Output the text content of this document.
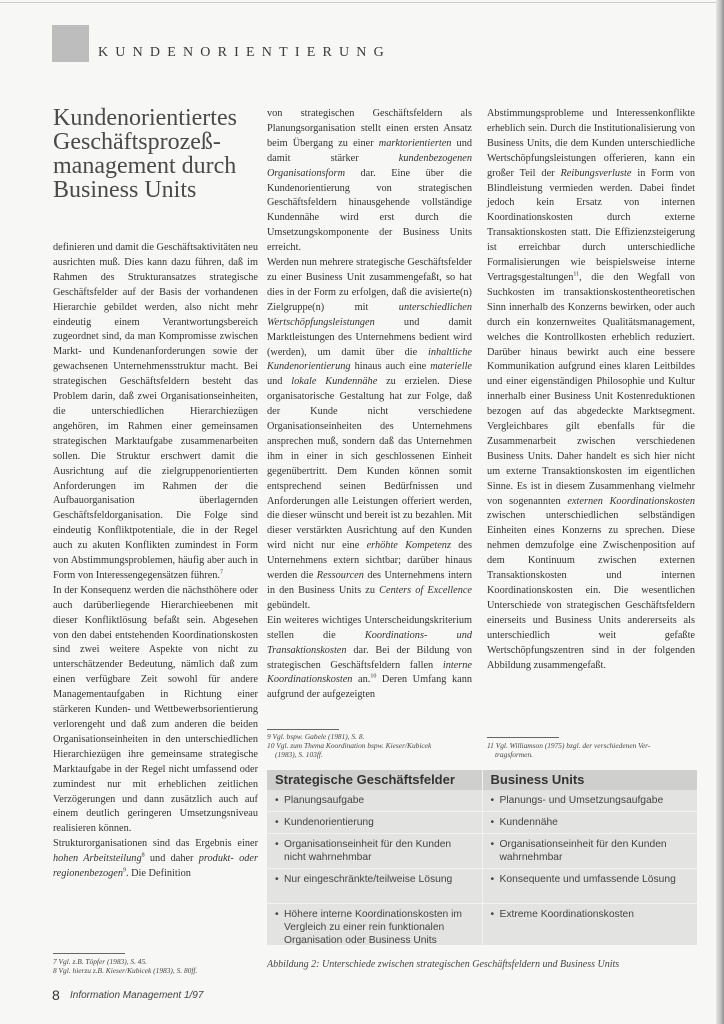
KUNDENORIENTIERUNG
Kundenorientiertes
Geschäftsprozeß-
management durch
Business Units

definieren und damit die Geschäftsaktivitäten neu ausrichten muß. Dies kann dazu führen, daß im Rahmen des Strukturansatzes strategische Geschäftsfelder auf der Basis der vorhandenen Hierarchie gebildet werden, also nicht mehr eindeutig einem Verantwortungsbereich zugeordnet sind, da man Kompromisse zwischen Markt- und Kundenanforderungen sowie der gewachsenen Unternehmensstruktur macht. Bei strategischen Geschäftsfeldern besteht das Problem darin, daß zwei Organisationseinheiten, die unterschiedlichen Hierarchiezügen angehören, im Rahmen einer gemeinsamen strategischen Marktaufgabe zusammenarbeiten sollen. Die Struktur erschwert damit die Ausrichtung auf die zielgruppenorientierten Anforderungen im Rahmen der die Aufbauorganisation überlagernden Geschäftsfeldorganisation. Die Folge sind eindeutig Konfliktpotentiale, die in der Regel auch zu akuten Konflikten zumindest in Form von Abstimmungsproblemen, häufig aber auch in Form von Interessengegensätzen führen.$^7$

In der Konsequenz werden die nächsthöhere oder auch darüberliegende Hierarchieebenen mit dieser Konfliktlösung befaßt sein. Abgesehen von den dabei entstehenden Koordinationskosten sind zwei weitere Aspekte von nicht zu unterschätzender Bedeutung, nämlich daß zum einen verfügbare Zeit sowohl für andere Managementaufgaben in Richtung einer stärkeren Kunden- und Wettbewerbsorientierung verlorengeht und daß zum anderen die beiden Organisationseinheiten in den unterschiedlichen Hierarchiezügen ihre gemeinsame strategische Marktaufgabe in der Regel nicht umfassend oder zumindest nur mit erheblichen zeitlichen Verzögerungen und dann zusätzlich auch auf einem deutlich geringeren Umsetzungsniveau realisieren können.

Strukturorganisationen sind das Ergebnis einer hohen Arbeitsteilung$^8$ und daher produkt- oder regionenbezogen$^9$. Die Definition

7 Vgl. z.B. Töpfer (1983), S. 45.
8 Vgl. hierzu z.B. Kieser/Kubicek (1983), S. 80ff.

von strategischen Geschäftsfeldern als Planungsorganisation stellt einen ersten Ansatz beim Übergang zu einer marktorientierten und damit stärker kundenbezogenen Organisationsform dar. Eine über die Kundenorientierung von strategischen Geschäftsfeldern hinausgehende vollständige Kundennähe wird erst durch die Umsetzungskomponente der Business Units erreicht.

Werden nun mehrere strategische Geschäftsfelder zu einer Business Unit zusammengefaßt, so hat dies in der Form zu erfolgen, daß die avisierte(n) Zielgruppe(n) mit unterschiedlichen Wertschöpfungsleistungen und damit Marktleistungen des Unternehmens bedient wird (werden), um damit über die inhaltliche Kundenorientierung hinaus auch eine materielle und lokale Kundennähe zu erzielen. Diese organisatorische Gestaltung hat zur Folge, daß der Kunde nicht verschiedene Organisationseinheiten des Unternehmens ansprechen muß, sondern daß das Unternehmen ihm in einer in sich geschlossenen Einheit gegenübertritt. Dem Kunden können somit entsprechend seinen Bedürfnissen und Anforderungen alle Leistungen offeriert werden, die dieser wünscht und bereit ist zu bezahlen. Mit dieser verstärkten Ausrichtung auf den Kunden wird nicht nur eine erhöhte Kompetenz des Unternehmens extern sichtbar; darüber hinaus werden die Ressourcen des Unternehmens intern in den Business Units zu Centers of Excellence gebündelt.

Ein weiteres wichtiges Unterscheidungskriterium stellen die Koordinations- und Transaktionskosten dar. Bei der Bildung von strategischen Geschäftsfeldern fallen interne Koordinationskosten an.$^{10}$ Deren Umfang kann aufgrund der aufgezeigten

9 Vgl. bspw. Gabele (1981), S. 8.
10 Vgl. zum Thema Koordination bspw. Kieser/Kubicek

(1983), S. 103ff.

Abstimmungsprobleme und Interessenkonflikte erheblich sein. Durch die Institutionalisierung von Business Units, die dem Kunden unterschiedliche Wertschöpfungsleistungen offerieren, kann ein großer Teil der Reibungsverluste in Form von Blindleistung vermieden werden. Dabei findet jedoch kein Ersatz von internen Koordinationskosten durch externe Transaktionskosten statt. Die Effizienzsteigerung ist erreichbar durch unterschiedliche Formalisierungen wie beispielsweise interne Vertragsgestaltungen$^{11}$, die den Wegfall von Suchkosten im transaktionskostentheoretischen Sinn innerhalb des Konzerns bewirken, oder auch durch ein konzernweites Qualitätsmanagement, welches die Kontrollkosten erheblich reduziert. Darüber hinaus bewirkt auch eine bessere Kommunikation aufgrund eines klaren Leitbildes und einer eigenständigen Philosophie und Kultur innerhalb einer Business Unit Kostenreduktionen bezogen auf das abgedeckte Marktsegment. Vergleichbares gilt ebenfalls für die Zusammenarbeit zwischen verschiedenen Business Units. Daher handelt es sich hier nicht um externe Transaktionskosten im eigentlichen Sinne. Es ist in diesem Zusammenhang vielmehr von sogenannten externen Koordinationskosten zwischen unterschiedlichen selbständigen Einheiten eines Konzerns zu sprechen. Diese nehmen demzufolge eine Zwischenposition auf dem Kontinuum zwischen externen Transaktionskosten und internen Koordinationskosten ein. Die wesentlichen Unterschiede von strategischen Geschäftsfeldern einerseits und Business Units andererseits als unterschiedlich weit gefaßte Wertschöpfungszentren sind in der folgenden Abbildung zusammengefaßt.

11 Vgl. Williamson (1975) bzgl. der verschiedenen Ver-

tragsformen.
Strategische Geschäftsfelder
• Planungsaufgabe
• Kundenorientierung
• Organisationseinheit für den Kunden nicht wahrnehmbar
• Nur eingeschränkte/teilweise Lösung
• Höhere interne Koordinationskosten im Vergleich zu einer rein funktionalen Organisation oder Business Units
Business Units
• Planungs- und Umsetzungsaufgabe
• Kundennähe
• Organisationseinheit für den Kunden wahrnehmbar
• Konsequente und umfassende Lösung
• Extreme Koordinationskosten
Abbildung 2: Unterschiede zwischen strategischen Geschäftsfeldern und Business Units
8 Information Management 1/97
